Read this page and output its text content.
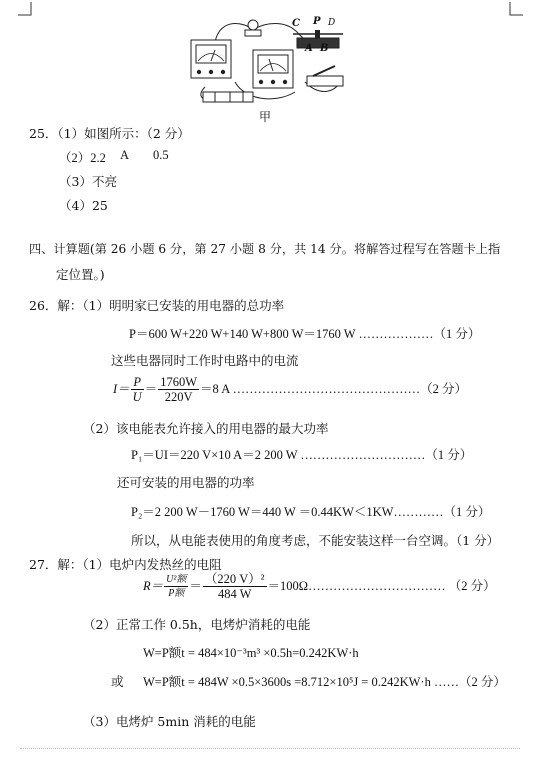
C P D
A B
甲
25．（1）如图所示：（2 分）
（2）2.2 A 0.5
（3）不亮
（4）25
四、计算题(第 26 小题 6 分，第 27 小题 8 分，共 14 分。将解答过程写在答题卡上指
定位置。)
26．解：（1）明明家已安装的用电器的总功率
P＝600 W+220 W+140 W+800 W＝1760 W ………………（1 分）
这些电器同时工作时电路中的电流
$I= \frac{P}{U} = \frac{1760W}{220V} =8$ A ………………………………………（2 分）
（2）该电能表允许接入的用电器的最大功率
P₁＝UI＝220 V×10 A＝2 200 W …………………………（1 分）
还可安装的用电器的功率
P₂＝2 200 W－1760 W＝440 W ＝0.44KW＜1KW…………（1 分）
所以，从电能表使用的角度考虑，不能安装这样一台空调。（1 分）
27．解：（1）电炉内发热丝的电阻
$R= \frac{\text{U²额}}{\text{P额}} = \frac{\text{（220 V）²}}{484 W}$ ＝100Ω…………………………… （2 分）
（2）正常工作 0.5h，电烤炉消耗的电能
W=P额t = 484×10⁻³m³ ×0.5h=0.242KW·h
或 W=P额t = 484W ×0.5×3600s =8.712×10⁵J = 0.242KW·h ……（2 分）
（3）电烤炉 5min 消耗的电能
